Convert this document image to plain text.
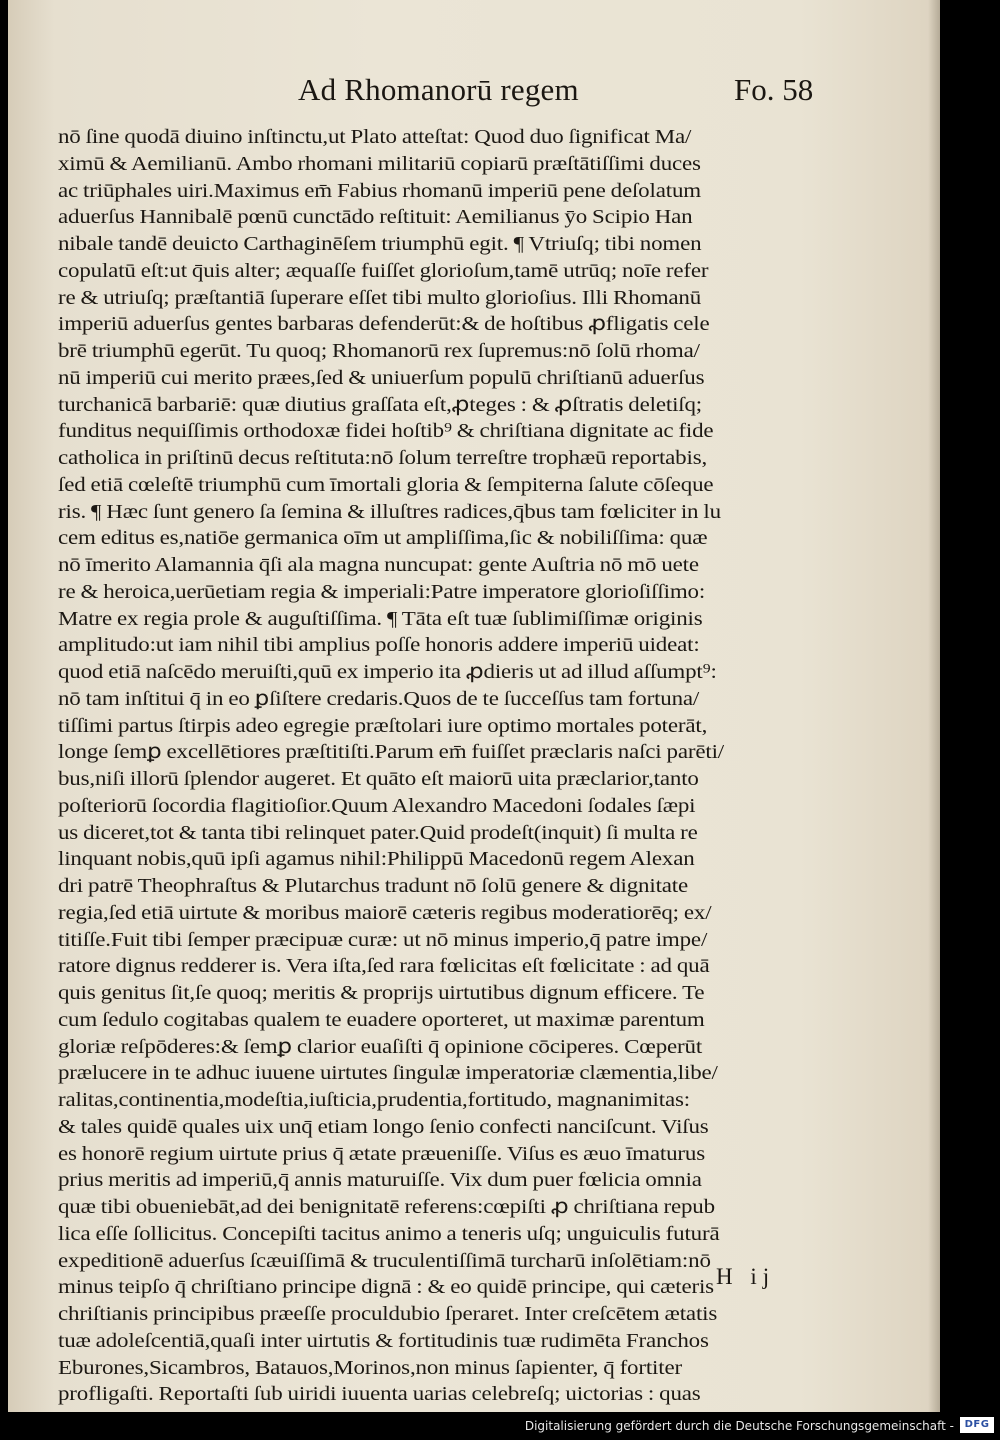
Ad Rhomanorū regem	Fo. 58
nō ſine quodā diuino inſtinctu,ut Plato atteſtat: Quod duo ſignificat Ma/
ximū & Aemilianū. Ambo rhomani militariū copiarū præſtātiſſimi duces
ac triūphales uiri.Maximus em̄ Fabius rhomanū imperiū pene deſolatum
aduerſus Hannibalē pœnū cunctādo reſtituit: Aemilianus ȳo Scipio Han
nibale tandē deuicto Carthaginēſem triumphū egit. ¶ Vtriuſq; tibi nomen
copulatū eſt:ut q̄uis alter; æquaſſe fuiſſet glorioſum,tamē utrūq; noīe refer
re & utriuſq; præſtantiā ſuperare eſſet tibi multo glorioſius. Illi Rhomanū
imperiū aduerſus gentes barbaras defenderūt:& de hoſtibus ꝓfligatis cele
brē triumphū egerūt. Tu quoq; Rhomanorū rex ſupremus:nō ſolū rhoma/
nū imperiū cui merito præes,ſed & uniuerſum populū chriſtianū aduerſus
turchanicā barbariē: quæ diutius graſſata eſt,ꝓteges : & ꝓſtratis deletiſq;
funditus nequiſſimis orthodoxæ fidei hoſtib⁹ & chriſtiana dignitate ac fide
catholica in priſtinū decus reſtituta:nō ſolum terreſtre trophæū reportabis,
ſed etiā cœleſtē triumphū cum īmortali gloria & ſempiterna ſalute cōſeque
ris. ¶ Hæc ſunt genero ſa ſemina & illuſtres radices,q̄bus tam fœliciter in lu
cem editus es,natiōe germanica oīm ut ampliſſima,ſic & nobiliſſima: quæ
nō īmerito Alamannia q̄ſi ala magna nuncupat: gente Auſtria nō mō uete
re & heroica,uerūetiam regia & imperiali:Patre imperatore glorioſiſſimo:
Matre ex regia prole & auguſtiſſima. ¶ Tāta eſt tuæ ſublimiſſimæ originis
amplitudo:ut iam nihil tibi amplius poſſe honoris addere imperiū uideat:
quod etiā naſcēdo meruiſti,quū ex imperio ita ꝓdieris ut ad illud aſſumpt⁹:
nō tam inſtitui q̄ in eo ꝑſiſtere credaris.Quos de te ſucceſſus tam fortuna/
tiſſimi partus ſtirpis adeo egregie præſtolari iure optimo mortales poterāt,
longe ſemꝑ excellētiores præſtitiſti.Parum em̄ fuiſſet præclaris naſci parēti/
bus,niſi illorū ſplendor augeret. Et quāto eſt maiorū uita præclarior,tanto
poſteriorū ſocordia flagitioſior.Quum Alexandro Macedoni ſodales ſæpi
us diceret,tot & tanta tibi relinquet pater.Quid prodeſt(inquit) ſi multa re
linquant nobis,quū ipſi agamus nihil:Philippū Macedonū regem Alexan
dri patrē Theophraſtus & Plutarchus tradunt nō ſolū genere & dignitate
regia,ſed etiā uirtute & moribus maiorē cæteris regibus moderatiorēq; ex/
titiſſe.Fuit tibi ſemper præcipuæ curæ: ut nō minus imperio,q̄ patre impe/
ratore dignus redderer is. Vera iſta,ſed rara fœlicitas eſt fœlicitate : ad quā
quis genitus ſit,ſe quoq; meritis & proprijs uirtutibus dignum efficere. Te
cum ſedulo cogitabas qualem te euadere oporteret, ut maximæ parentum
gloriæ reſpōderes:& ſemꝑ clarior euaſiſti q̄ opinione cōciperes. Cœperūt
prælucere in te adhuc iuuene uirtutes ſingulæ imperatoriæ clæmentia,libe/
ralitas,continentia,modeſtia,iuſticia,prudentia,fortitudo, magnanimitas:
& tales quidē quales uix unq̄ etiam longo ſenio confecti nanciſcunt. Viſus
es honorē regium uirtute prius q̄ ætate præueniſſe. Viſus es æuo īmaturus
prius meritis ad imperiū,q̄ annis maturuiſſe. Vix dum puer fœlicia omnia
quæ tibi obueniebāt,ad dei benignitatē referens:cœpiſti ꝓ chriſtiana repub
lica eſſe ſollicitus. Concepiſti tacitus animo a teneris uſq; unguiculis futurā
expeditionē aduerſus ſcæuiſſimā & truculentiſſimā turcharū inſolētiam:nō
minus teipſo q̄ chriſtiano principe dignā : & eo quidē principe, qui cæteris
chriſtianis principibus præeſſe proculdubio ſperaret. Inter creſcētem ætatis
tuæ adoleſcentiā,quaſi inter uirtutis & fortitudinis tuæ rudimēta Franchos
Eburones,Sicambros, Batauos,Morinos,non minus ſapienter, q̄ fortiter
profligaſti. Reportaſti ſub uiridi iuuenta uarias celebreſq; uictorias : quas
H ij
Digitalisierung gefördert durch die Deutsche Forschungsgemeinschaft -	DFG
